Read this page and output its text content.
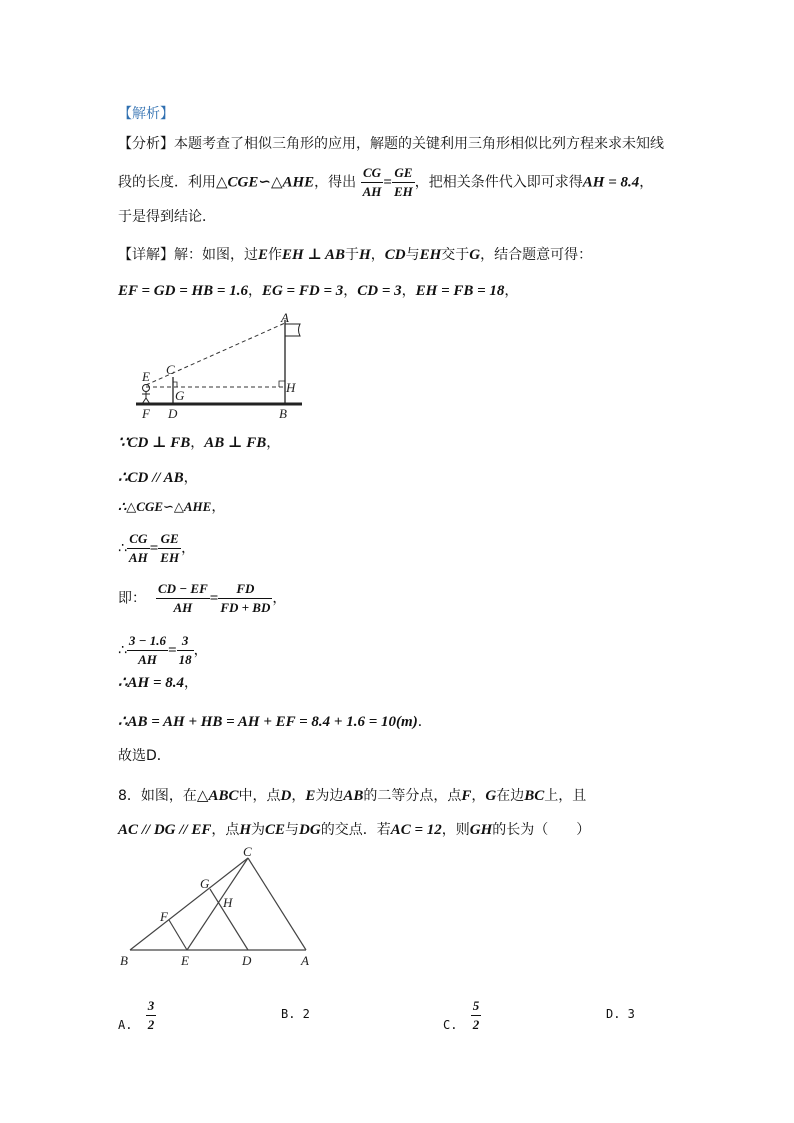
【解析】
【分析】本题考查了相似三角形的应用，解题的关键利用三角形相似比列方程来求未知线
段的长度．利用△CGE∽△AHE，得出 $\frac{CG}{AH} = \frac{GE}{EH}$ ，把相关条件代入即可求得AH = 8.4，
于是得到结论．
【详解】解：如图，过E作EH ⊥ AB于H，CD与EH交于G，结合题意可得：
EF = GD = HB = 1.6，EG = FD = 3，CD = 3，EH = FB = 18，
A
C
E
G
H
F D	B
∵CD ⊥ FB，AB ⊥ FB，
∴CD // AB，
∴△CGE∽△AHE，
∴ $\frac{CG}{AH} = \frac{GE}{EH}$ ，
即： $\frac{CD - EF}{AH} = \frac{FD}{FD + BD}$ ，
∴ $\frac{3 - 1.6}{AH} = \frac{3}{18}$ ，
∴AH = 8.4，
∴AB = AH + HB = AH + EF = 8.4 + 1.6 = 10(m)．
故选D．
8．如图，在△ABC中，点D，E为边AB的二等分点，点F，G在边BC上，且
AC // DG // EF，点H为CE与DG的交点．若AC = 12，则GH的长为（　　）
C
G
H
F
B	E	D	A
A. $\frac{3}{2}$	B. 2
C. $\frac{5}{2}$	D. 3
